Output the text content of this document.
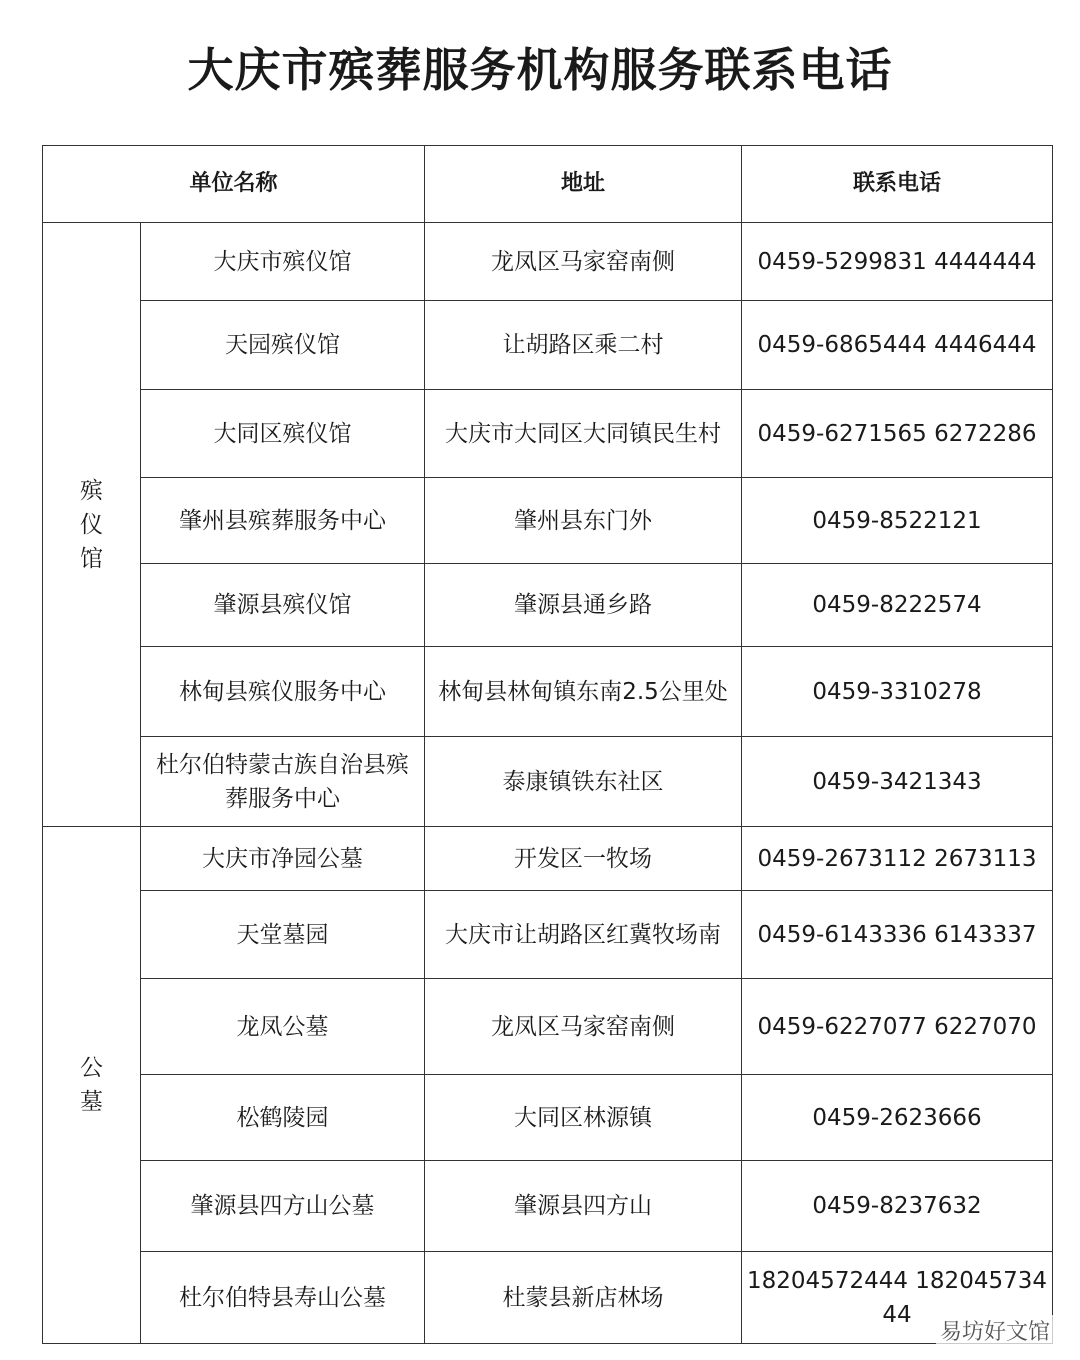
大庆市殡葬服务机构服务联系电话
单位名称		地址	联系电话

殡
仪
馆	大庆市殡仪馆	龙凤区马家窑南侧	0459-5299831 4444444
	天园殡仪馆	让胡路区乘二村	0459-6865444 4446444
	大同区殡仪馆	大庆市大同区大同镇民生村	0459-6271565 6272286
	肇州县殡葬服务中心	肇州县东门外	0459-8522121
	肇源县殡仪馆	肇源县通乡路	0459-8222574
	林甸县殡仪服务中心	林甸县林甸镇东南2.5公里处	0459-3310278
	杜尔伯特蒙古族自治县殡葬服务中心	泰康镇铁东社区	0459-3421343

公
墓	大庆市净园公墓	开发区一牧场	0459-2673112 2673113
	天堂墓园	大庆市让胡路区红冀牧场南	0459-6143336 6143337
	龙凤公墓	龙凤区马家窑南侧	0459-6227077 6227070
	松鹤陵园	大同区林源镇	0459-2623666
	肇源县四方山公墓	肇源县四方山	0459-8237632
	杜尔伯特县寿山公墓	杜蒙县新店林场	18204572444 18204573444
易坊好文馆
